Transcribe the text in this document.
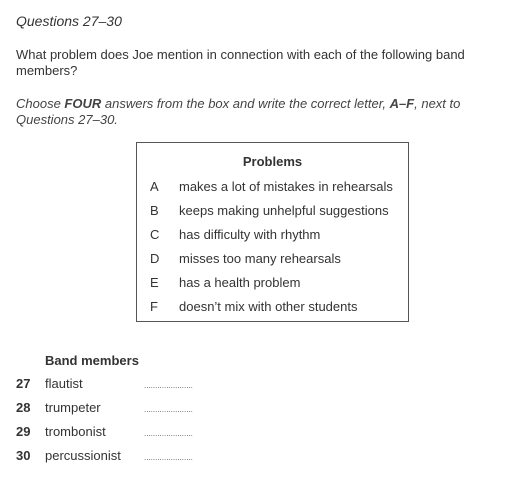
Questions 27–30
What problem does Joe mention in connection with each of the following band members?
Choose FOUR answers from the box and write the correct letter, A–F, next to Questions 27–30.
Problems
A	makes a lot of mistakes in rehearsals
B	keeps making unhelpful suggestions
C	has difficulty with rhythm
D	misses too many rehearsals
E	has a health problem
F	doesn’t mix with other students
Band members
27 flautist	......................
28 trumpeter	......................
29 trombonist	......................
30 percussionist	......................
